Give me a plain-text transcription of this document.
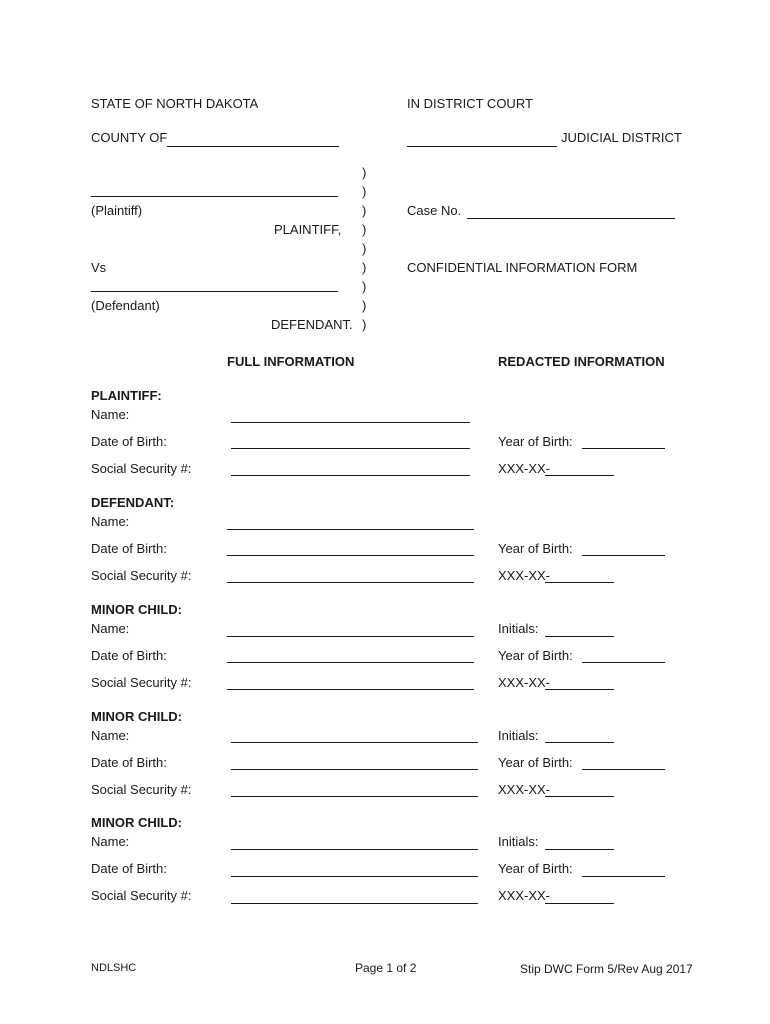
STATE OF NORTH DAKOTA	IN DISTRICT COURT
COUNTY OF	JUDICIAL DISTRICT
)
)
)
)
)
)
)
)
)
(Plaintiff)
PLAINTIFF,
Case No.
Vs	CONFIDENTIAL INFORMATION FORM
(Defendant)
DEFENDANT.
FULL INFORMATION	REDACTED INFORMATION
PLAINTIFF:
Name:
Date of Birth:	Year of Birth:
Social Security #:	XXX-XX-
DEFENDANT:
Name:
Date of Birth:	Year of Birth:
Social Security #:	XXX-XX-
MINOR CHILD:
Name:	Initials:
Date of Birth:	Year of Birth:
Social Security #:	XXX-XX-
MINOR CHILD:
Name:	Initials:
Date of Birth:	Year of Birth:
Social Security #:	XXX-XX-
MINOR CHILD:
Name:	Initials:
Date of Birth:	Year of Birth:
Social Security #:	XXX-XX-
NDLSHC	Page 1 of 2	Stip DWC Form 5/Rev Aug 2017
